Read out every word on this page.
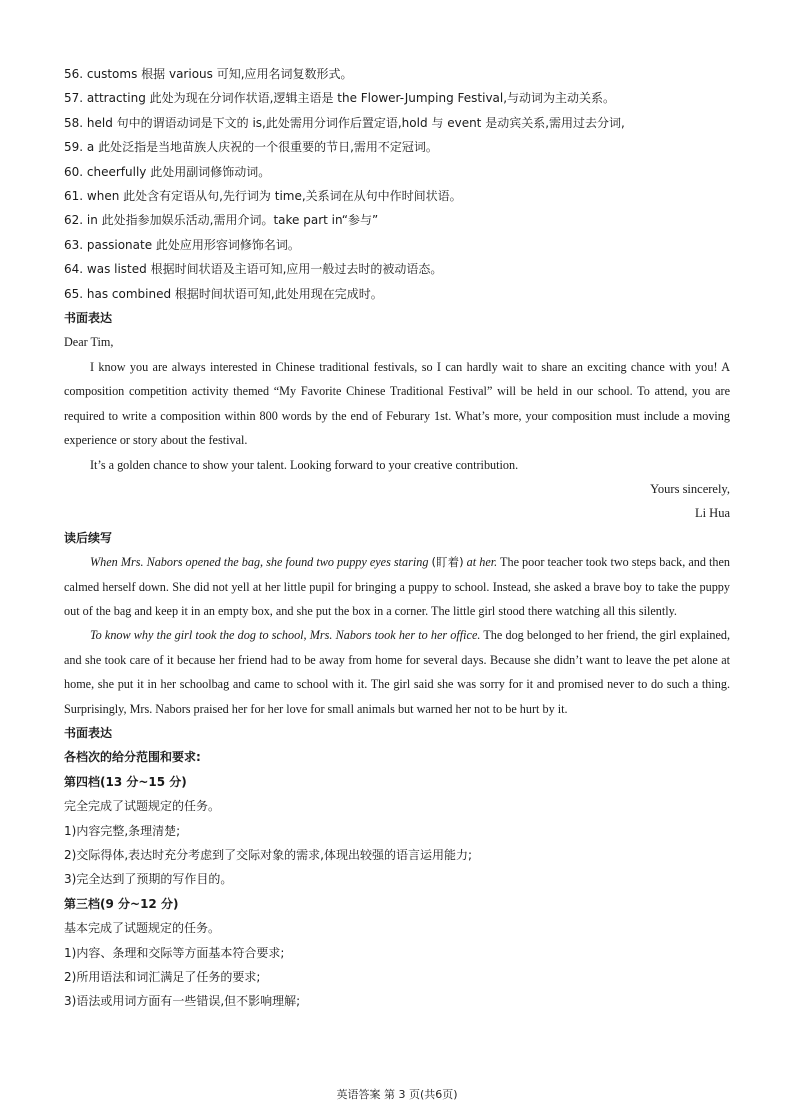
56. customs 根据 various 可知,应用名词复数形式。
57. attracting 此处为现在分词作状语,逻辑主语是 the Flower-Jumping Festival,与动词为主动关系。
58. held 句中的谓语动词是下文的 is,此处需用分词作后置定语,hold 与 event 是动宾关系,需用过去分词,
59. a 此处泛指是当地苗族人庆祝的一个很重要的节日,需用不定冠词。
60. cheerfully 此处用副词修饰动词。
61. when 此处含有定语从句,先行词为 time,关系词在从句中作时间状语。
62. in 此处指参加娱乐活动,需用介词。take part in“参与”
63. passionate 此处应用形容词修饰名词。
64. was listed 根据时间状语及主语可知,应用一般过去时的被动语态。
65. has combined 根据时间状语可知,此处用现在完成时。
书面表达
Dear Tim,
I know you are always interested in Chinese traditional festivals, so I can hardly wait to share an exciting chance with you! A composition competition activity themed “My Favorite Chinese Traditional Festival” will be held in our school. To attend, you are required to write a composition within 800 words by the end of Feburary 1st. What’s more, your composition must include a moving experience or story about the festival.
It’s a golden chance to show your talent. Looking forward to your creative contribution.
Yours sincerely,
Li Hua
读后续写
When Mrs. Nabors opened the bag, she found two puppy eyes staring (盯着) at her. The poor teacher took two steps back, and then calmed herself down. She did not yell at her little pupil for bringing a puppy to school. Instead, she asked a brave boy to take the puppy out of the bag and keep it in an empty box, and she put the box in a corner. The little girl stood there watching all this silently.
To know why the girl took the dog to school, Mrs. Nabors took her to her office. The dog belonged to her friend, the girl explained, and she took care of it because her friend had to be away from home for several days. Because she didn’t want to leave the pet alone at home, she put it in her schoolbag and came to school with it. The girl said she was sorry for it and promised never to do such a thing. Surprisingly, Mrs. Nabors praised her for her love for small animals but warned her not to be hurt by it.
书面表达
各档次的给分范围和要求:
第四档(13 分~15 分)
完全完成了试题规定的任务。
1)内容完整,条理清楚;
2)交际得体,表达时充分考虑到了交际对象的需求,体现出较强的语言运用能力;
3)完全达到了预期的写作目的。
第三档(9 分~12 分)
基本完成了试题规定的任务。
1)内容、条理和交际等方面基本符合要求;
2)所用语法和词汇满足了任务的要求;
3)语法或用词方面有一些错误,但不影响理解;
英语答案 第 3 页(共6页)
